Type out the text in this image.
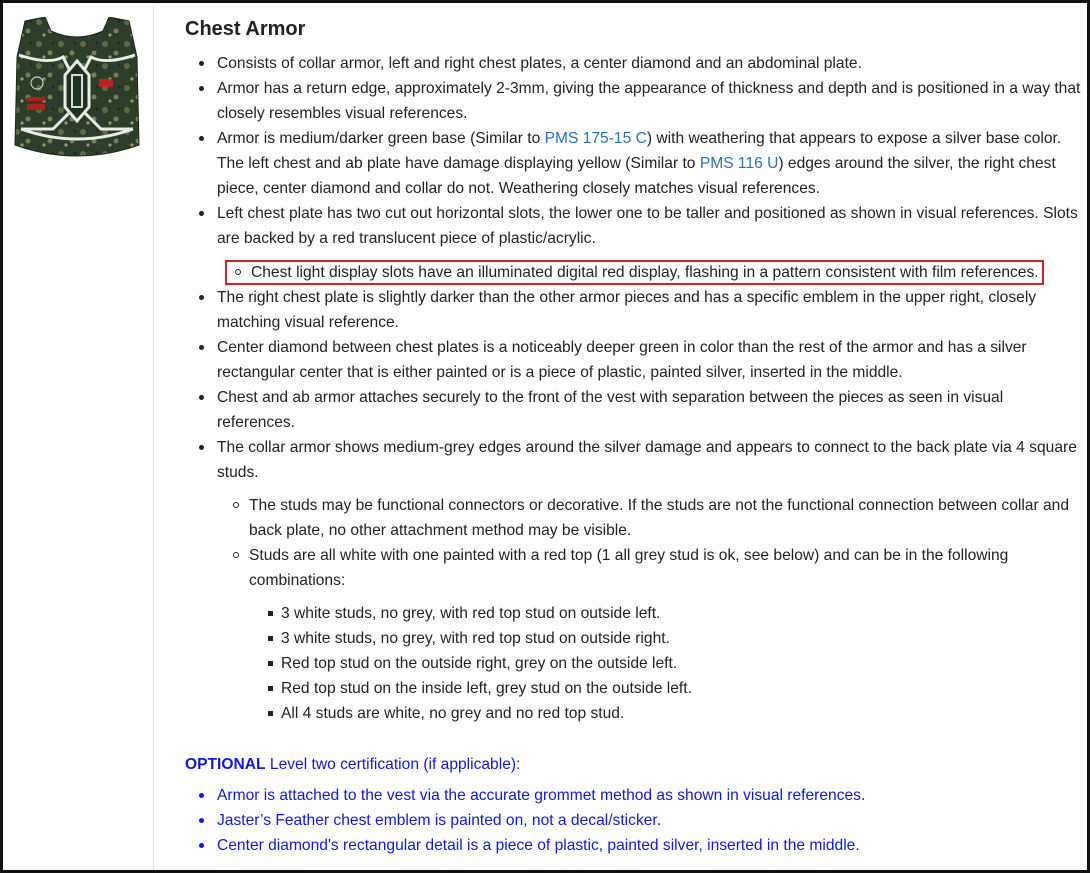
Chest Armor
Consists of collar armor, left and right chest plates, a center diamond and an abdominal plate.
Armor has a return edge, approximately 2-3mm, giving the appearance of thickness and depth and is positioned in a way that closely resembles visual references.
Armor is medium/darker green base (Similar to PMS 175-15 C) with weathering that appears to expose a silver base color. The left chest and ab plate have damage displaying yellow (Similar to PMS 116 U) edges around the silver, the right chest piece, center diamond and collar do not. Weathering closely matches visual references.
Left chest plate has two cut out horizontal slots, the lower one to be taller and positioned as shown in visual references. Slots are backed by a red translucent piece of plastic/acrylic.
Chest light display slots have an illuminated digital red display, flashing in a pattern consistent with film references.
The right chest plate is slightly darker than the other armor pieces and has a specific emblem in the upper right, closely matching visual reference.
Center diamond between chest plates is a noticeably deeper green in color than the rest of the armor and has a silver rectangular center that is either painted or is a piece of plastic, painted silver, inserted in the middle.
Chest and ab armor attaches securely to the front of the vest with separation between the pieces as seen in visual references.
The collar armor shows medium-grey edges around the silver damage and appears to connect to the back plate via 4 square studs.
The studs may be functional connectors or decorative. If the studs are not the functional connection between collar and back plate, no other attachment method may be visible.
Studs are all white with one painted with a red top (1 all grey stud is ok, see below) and can be in the following combinations:
3 white studs, no grey, with red top stud on outside left.
3 white studs, no grey, with red top stud on outside right.
Red top stud on the outside right, grey on the outside left.
Red top stud on the inside left, grey stud on the outside left.
All 4 studs are white, no grey and no red top stud.
OPTIONAL Level two certification (if applicable):
Armor is attached to the vest via the accurate grommet method as shown in visual references.
Jaster’s Feather chest emblem is painted on, not a decal/sticker.
Center diamond's rectangular detail is a piece of plastic, painted silver, inserted in the middle.
